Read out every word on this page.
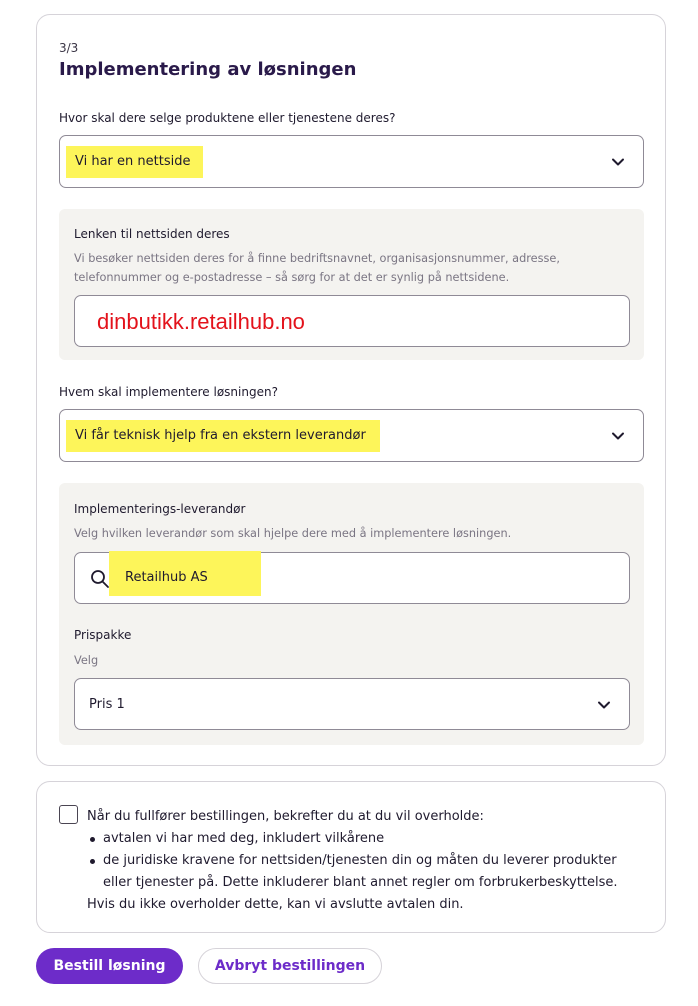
3/3
Implementering av løsningen
Hvor skal dere selge produktene eller tjenestene deres?
Vi har en nettside
Lenken til nettsiden deres
Vi besøker nettsiden deres for å finne bedriftsnavnet, organisasjonsnummer, adresse, telefonnummer og e-postadresse – så sørg for at det er synlig på nettsidene.
dinbutikk.retailhub.no
Hvem skal implementere løsningen?
Vi får teknisk hjelp fra en ekstern leverandør
Implementerings-leverandør
Velg hvilken leverandør som skal hjelpe dere med å implementere løsningen.
Retailhub AS
Prispakke
Velg
Pris 1
Når du fullfører bestillingen, bekrefter du at du vil overholde:
avtalen vi har med deg, inkludert vilkårene
de juridiske kravene for nettsiden/tjenesten din og måten du leverer produkter eller tjenester på. Dette inkluderer blant annet regler om forbrukerbeskyttelse.
Hvis du ikke overholder dette, kan vi avslutte avtalen din.
Bestill løsning	Avbryt bestillingen
